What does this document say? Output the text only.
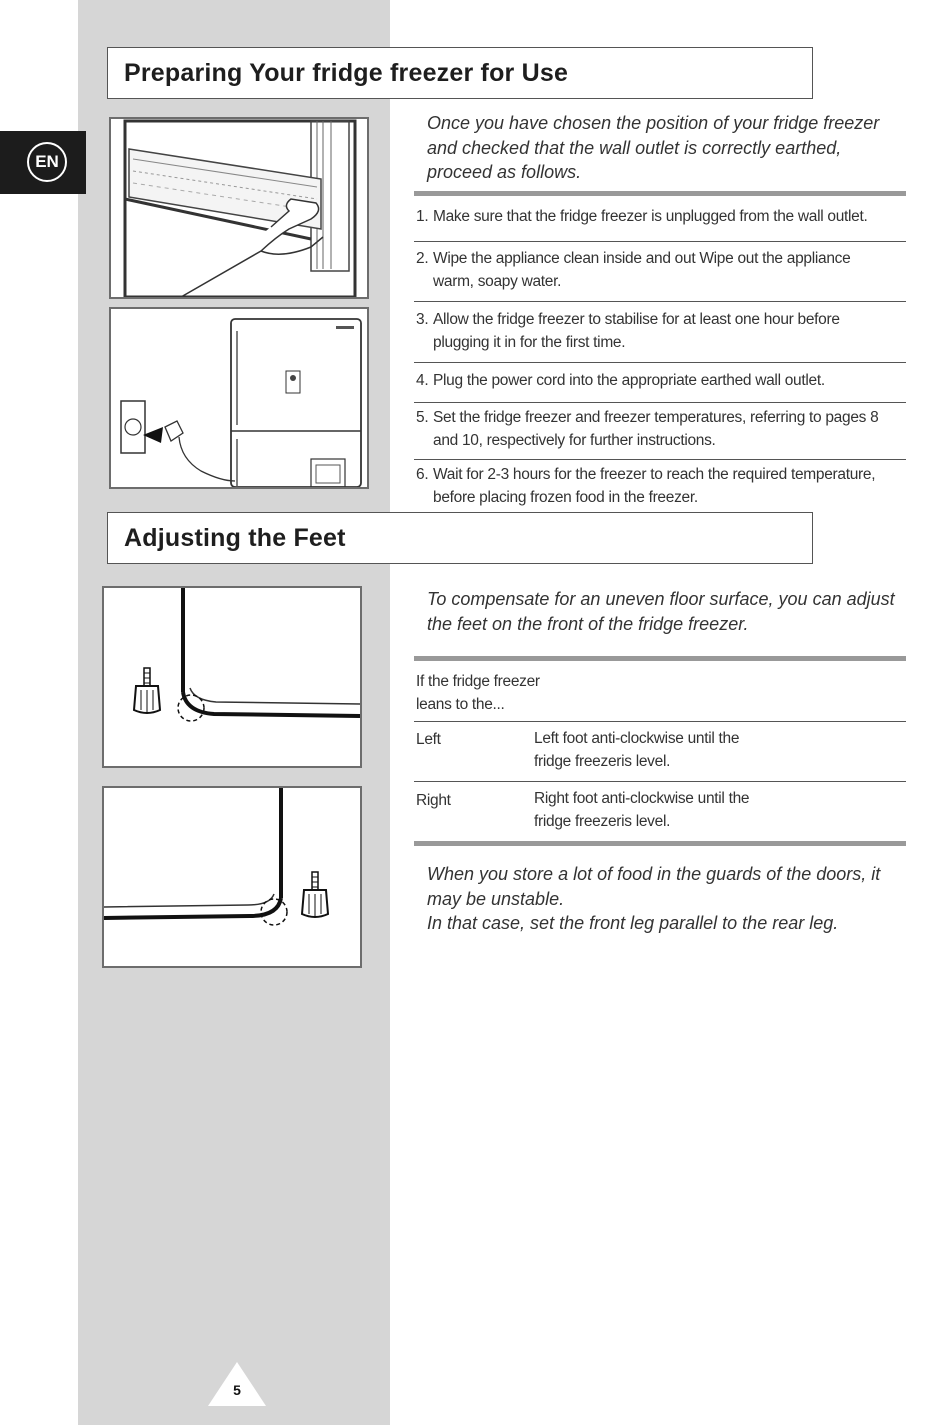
EN
Preparing Your fridge freezer for Use

Once you have chosen the position of your fridge freezer and checked that the wall outlet is correctly earthed, proceed as follows.

1. Make sure that the fridge freezer is unplugged from the wall outlet.
2. Wipe the appliance clean inside and out Wipe out the appliance
warm, soapy water.
3. Allow the fridge freezer to stabilise for at least one hour before
plugging it in for the first time.
4. Plug the power cord into the appropriate earthed wall outlet.
5. Set the fridge freezer and freezer temperatures, referring to pages 8
and 10, respectively for further instructions.
6. Wait for 2-3 hours for the freezer to reach the required temperature,
before placing frozen food in the freezer.
Adjusting the Feet

To compensate for an uneven floor surface, you can adjust the feet on the front of the fridge freezer.

If the fridge freezer
leans to the...
Left	Left foot anti-clockwise until the
fridge freezeris level.
Right	Right foot anti-clockwise until the
fridge freezeris level.
When you store a lot of food in the guards of the doors, it
may be unstable.
In that case, set the front leg parallel to the rear leg.
5
